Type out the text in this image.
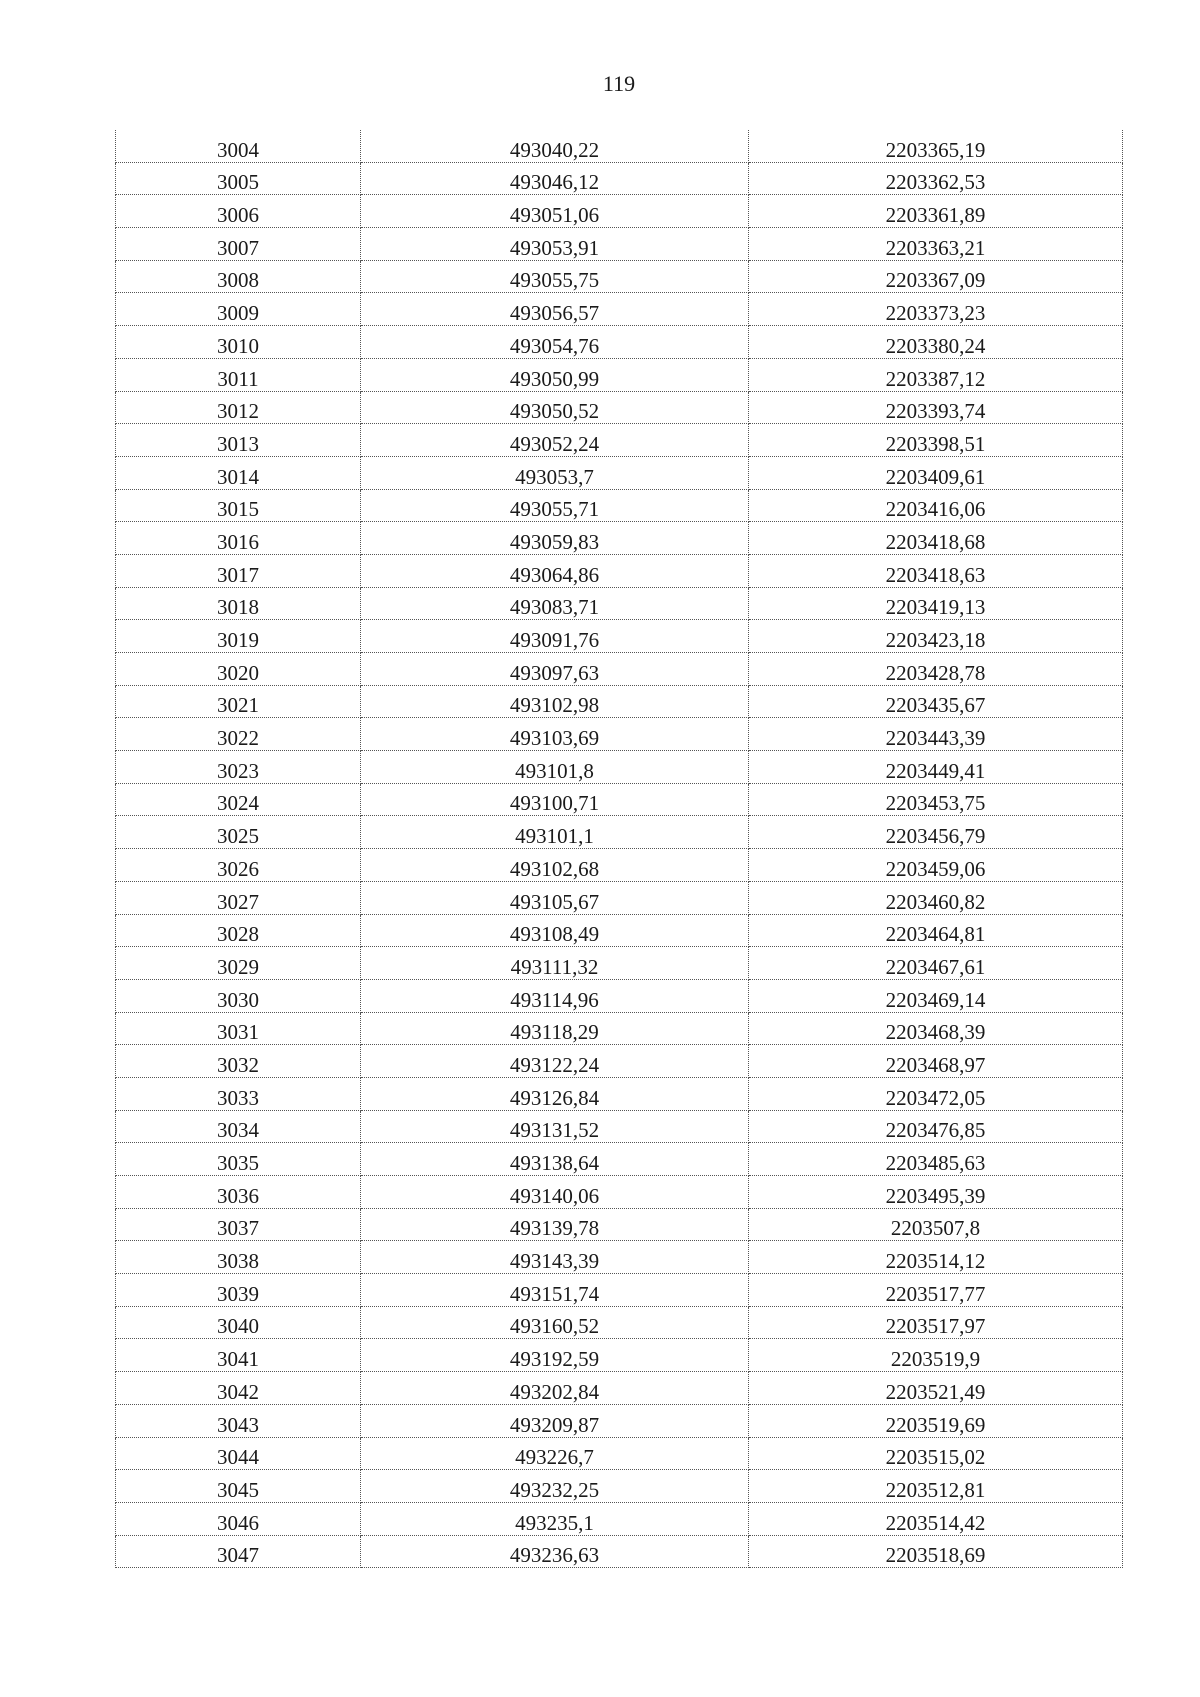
119
3004	493040,22	2203365,19
3005	493046,12	2203362,53
3006	493051,06	2203361,89
3007	493053,91	2203363,21
3008	493055,75	2203367,09
3009	493056,57	2203373,23
3010	493054,76	2203380,24
3011	493050,99	2203387,12
3012	493050,52	2203393,74
3013	493052,24	2203398,51
3014	493053,7	2203409,61
3015	493055,71	2203416,06
3016	493059,83	2203418,68
3017	493064,86	2203418,63
3018	493083,71	2203419,13
3019	493091,76	2203423,18
3020	493097,63	2203428,78
3021	493102,98	2203435,67
3022	493103,69	2203443,39
3023	493101,8	2203449,41
3024	493100,71	2203453,75
3025	493101,1	2203456,79
3026	493102,68	2203459,06
3027	493105,67	2203460,82
3028	493108,49	2203464,81
3029	493111,32	2203467,61
3030	493114,96	2203469,14
3031	493118,29	2203468,39
3032	493122,24	2203468,97
3033	493126,84	2203472,05
3034	493131,52	2203476,85
3035	493138,64	2203485,63
3036	493140,06	2203495,39
3037	493139,78	2203507,8
3038	493143,39	2203514,12
3039	493151,74	2203517,77
3040	493160,52	2203517,97
3041	493192,59	2203519,9
3042	493202,84	2203521,49
3043	493209,87	2203519,69
3044	493226,7	2203515,02
3045	493232,25	2203512,81
3046	493235,1	2203514,42
3047	493236,63	2203518,69
